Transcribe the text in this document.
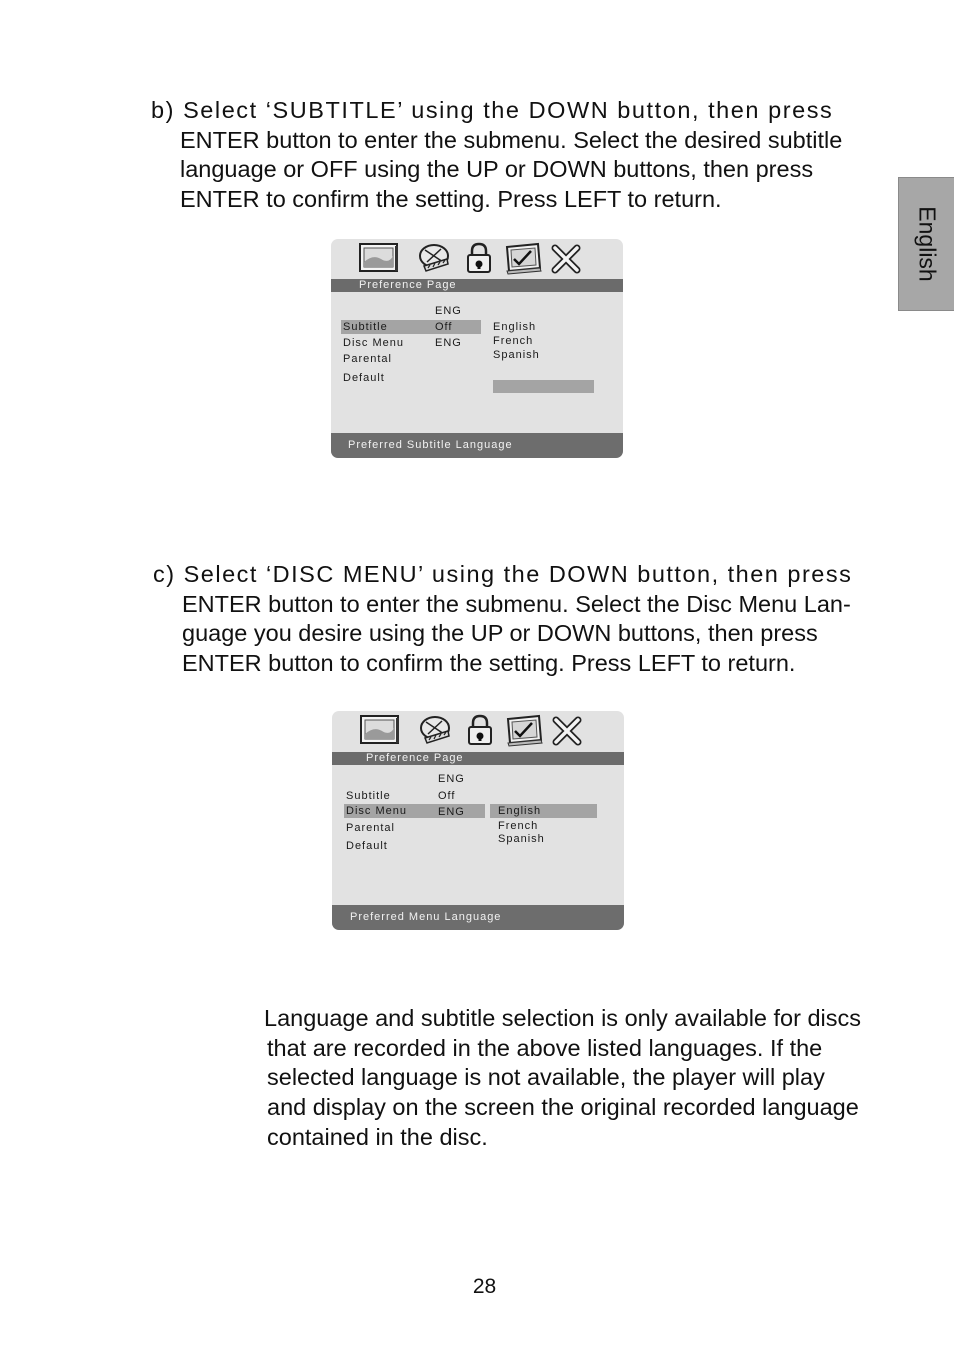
English

b) Select ‘SUBTITLE’ using the DOWN button, then press
ENTER button to enter the submenu. Select the desired subtitle
language or OFF using the UP or DOWN buttons, then press
ENTER to confirm the setting. Press LEFT to return.

Preference Page
ENG
Subtitle	Off
Disc Menu	ENG
Parental
Default
English
French
Spanish
Preferred Subtitle Language

c) Select ‘DISC MENU’ using the DOWN button, then press
ENTER button to enter the submenu. Select the Disc Menu Lan-
guage you desire using the UP or DOWN buttons, then press
ENTER button to confirm the setting. Press LEFT to return.

Preference Page
ENG
Subtitle	Off
Disc Menu	ENG
Parental
Default
English
French
Spanish
Preferred Menu Language

Language and subtitle selection is only available for discs
that are recorded in the above listed languages. If the
selected language is not available, the player will play
and display on the screen the original recorded language
contained in the disc.

28
